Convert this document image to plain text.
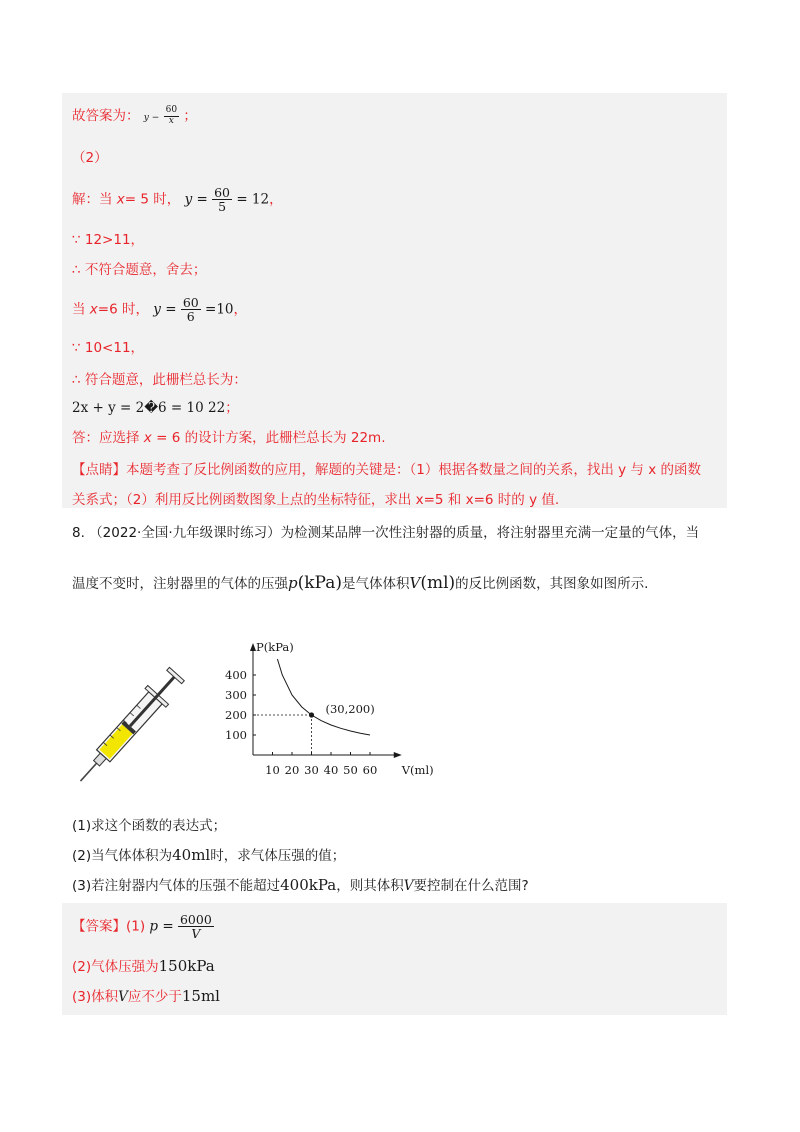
故答案为： $y - \frac{60}{x}$ ；
（2）
解：当 x= 5 时， $y = \frac{60}{5} = 12$，
∵ 12>11，
∴ 不符合题意，舍去；
当 x=6 时， $y = \frac{60}{6} =10$，
∵ 10<11，
∴ 符合题意，此栅栏总长为：
2x + y = 2�6 = 10 22；
答：应选择 x = 6 的设计方案，此栅栏总长为 22m.
【点睛】本题考查了反比例函数的应用，解题的关键是：（1）根据各数量之间的关系，找出 y 与 x 的函数
关系式；（2）利用反比例函数图象上点的坐标特征，求出 x=5 和 x=6 时的 y 值.
8. （2022·全国·九年级课时练习）为检测某品牌一次性注射器的质量，将注射器里充满一定量的气体，当
温度不变时，注射器里的气体的压强p(kPa)是气体体积V(ml)的反比例函数，其图象如图所示.
P(kPa)
V(ml)
10 20 30 40 50 60
100
200
300
400
(30,200)
(1)求这个函数的表达式；
(2)当气体体积为40ml时，求气体压强的值；
(3)若注射器内气体的压强不能超过400kPa，则其体积V要控制在什么范围?
【答案】(1) $p = \frac{6000}{V}$
(2)气体压强为150kPa
(3)体积V应不少于15ml
